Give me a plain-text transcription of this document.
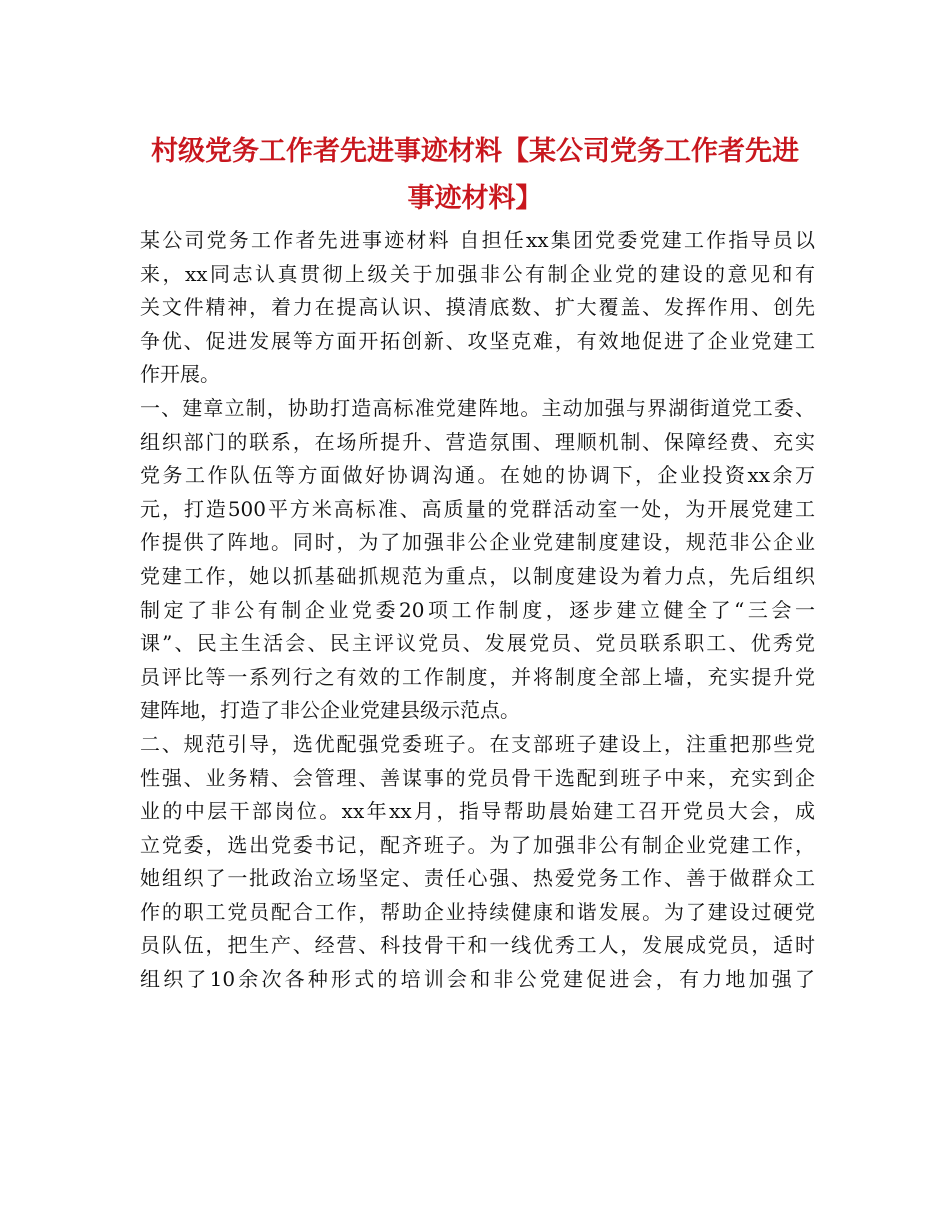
村级党务工作者先进事迹材料【某公司党务工作者先进
事迹材料】
某公司党务工作者先进事迹材料 自担任xx集团党委党建工作指导员以
来，xx同志认真贯彻上级关于加强非公有制企业党的建设的意见和有
关文件精神，着力在提高认识、摸清底数、扩大覆盖、发挥作用、创先
争优、促进发展等方面开拓创新、攻坚克难，有效地促进了企业党建工
作开展。
一、建章立制，协助打造高标准党建阵地。主动加强与界湖街道党工委、
组织部门的联系，在场所提升、营造氛围、理顺机制、保障经费、充实
党务工作队伍等方面做好协调沟通。在她的协调下，企业投资xx余万
元，打造500平方米高标准、高质量的党群活动室一处，为开展党建工
作提供了阵地。同时，为了加强非公企业党建制度建设，规范非公企业
党建工作，她以抓基础抓规范为重点，以制度建设为着力点，先后组织
制定了非公有制企业党委20项工作制度，逐步建立健全了“三会一
课”、民主生活会、民主评议党员、发展党员、党员联系职工、优秀党
员评比等一系列行之有效的工作制度，并将制度全部上墙，充实提升党
建阵地，打造了非公企业党建县级示范点。
二、规范引导，选优配强党委班子。在支部班子建设上，注重把那些党
性强、业务精、会管理、善谋事的党员骨干选配到班子中来，充实到企
业的中层干部岗位。xx年xx月，指导帮助晨始建工召开党员大会，成
立党委，选出党委书记，配齐班子。为了加强非公有制企业党建工作，
她组织了一批政治立场坚定、责任心强、热爱党务工作、善于做群众工
作的职工党员配合工作，帮助企业持续健康和谐发展。为了建设过硬党
员队伍，把生产、经营、科技骨干和一线优秀工人，发展成党员，适时
组织了10余次各种形式的培训会和非公党建促进会，有力地加强了
